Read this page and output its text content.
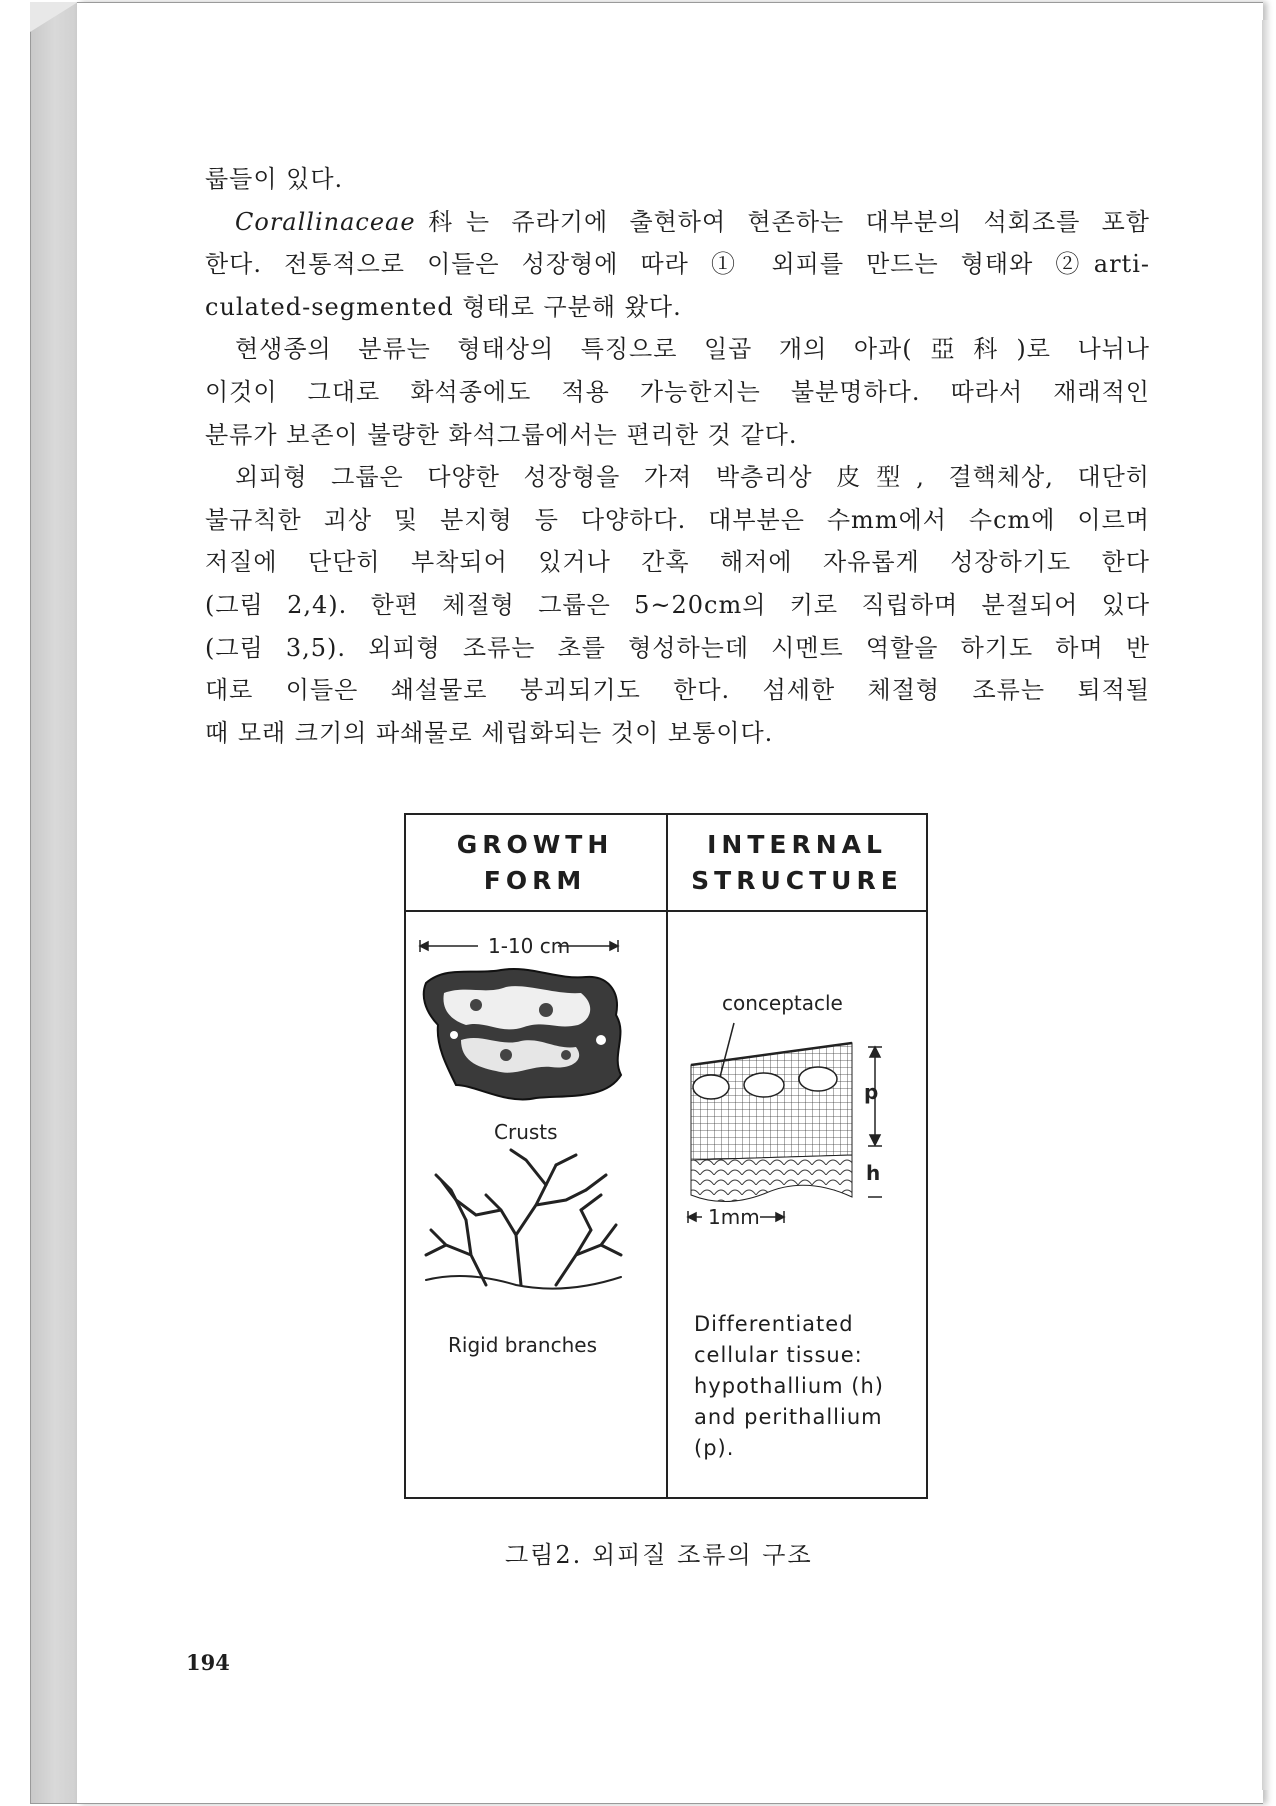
룹들이 있다.
Corallinaceae科는 쥬라기에 출현하여 현존하는 대부분의 석회조를 포함
한다. 전통적으로 이들은 성장형에 따라 ① 외피를 만드는 형태와 ②arti-
culated-segmented 형태로 구분해 왔다.
현생종의 분류는 형태상의 특징으로 일곱 개의 아과(亞科)로 나뉘나
이것이 그대로 화석종에도 적용 가능한지는 불분명하다. 따라서 재래적인
분류가 보존이 불량한 화석그룹에서는 편리한 것 같다.
외피형 그룹은 다양한 성장형을 가져 박층리상 皮型, 결핵체상, 대단히
불규칙한 괴상 및 분지형 등 다양하다. 대부분은 수mm에서 수cm에 이르며
저질에 단단히 부착되어 있거나 간혹 해저에 자유롭게 성장하기도 한다
(그림 2,4). 한편 체절형 그룹은 5~20cm의 키로 직립하며 분절되어 있다
(그림 3,5). 외피형 조류는 초를 형성하는데 시멘트 역할을 하기도 하며 반
대로 이들은 쇄설물로 붕괴되기도 한다. 섬세한 체절형 조류는 퇴적될
때 모래 크기의 파쇄물로 세립화되는 것이 보통이다.
GROWTH
FORM
INTERNAL
STRUCTURE
1-10 cm
Crusts
Rigid branches
conceptacle
p
h
1mm
Differentiated
cellular tissue:
hypothallium (h)
and perithallium
(p).
그림2. 외피질 조류의 구조
194
